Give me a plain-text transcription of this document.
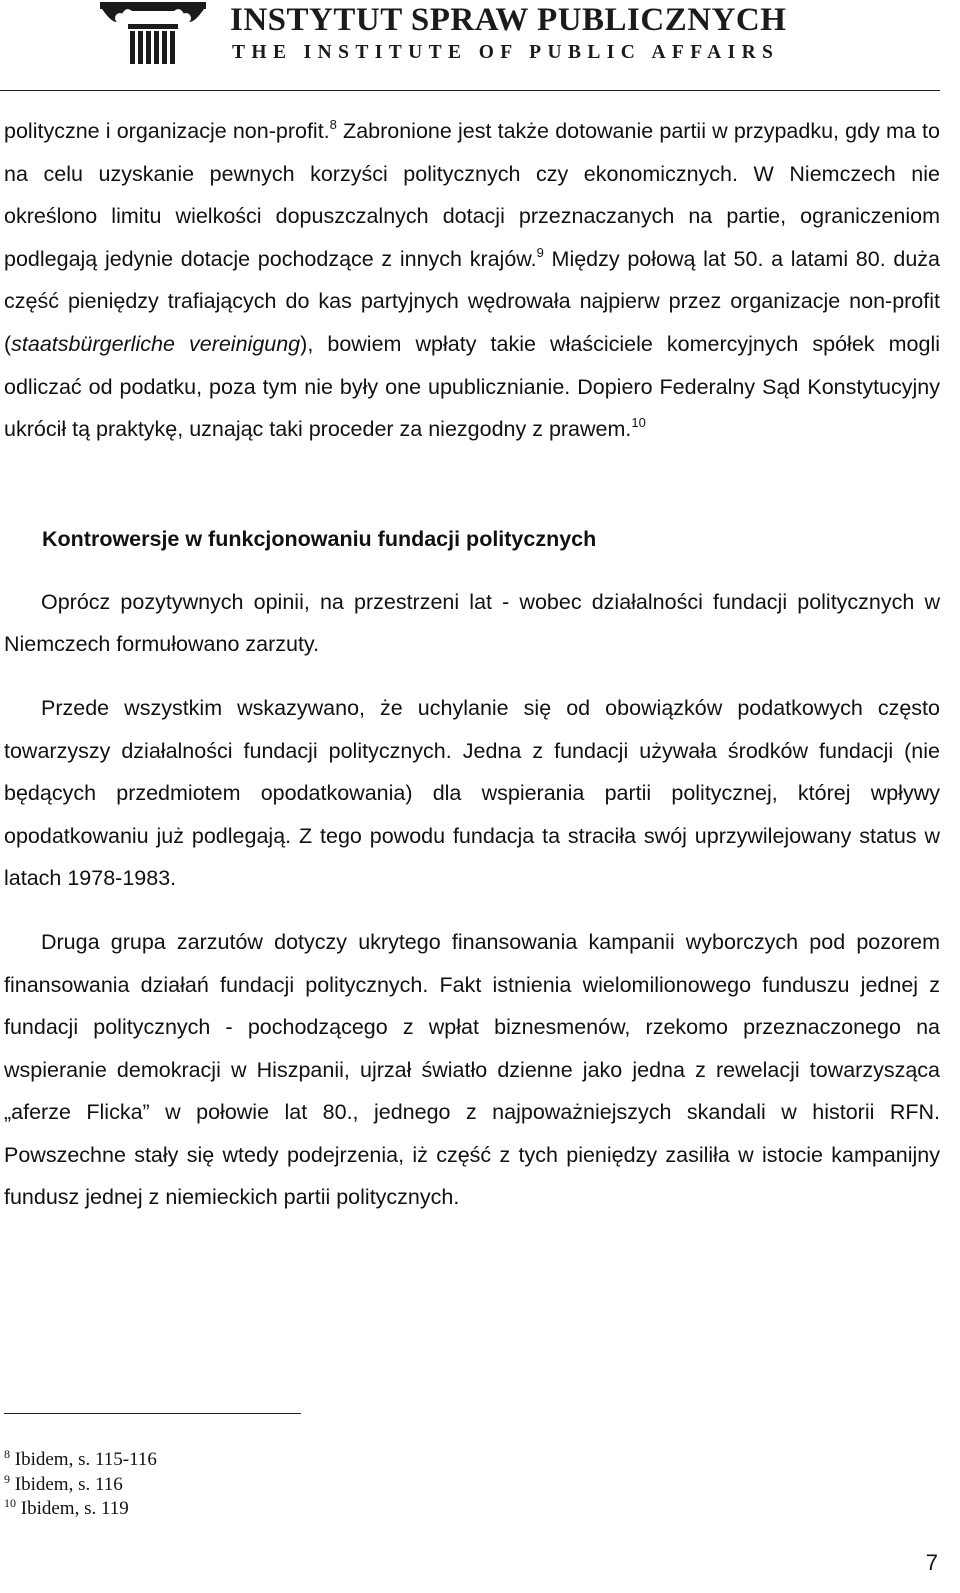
INSTYTUT SPRAW PUBLICZNYCH
THE INSTITUTE OF PUBLIC AFFAIRS

polityczne i organizacje non-profit.$^8$ Zabronione jest także dotowanie partii w przypadku, gdy ma to na celu uzyskanie pewnych korzyści politycznych czy ekonomicznych. W Niemczech nie określono limitu wielkości dopuszczalnych dotacji przeznaczanych na partie, ograniczeniom podlegają jedynie dotacje pochodzące z innych krajów.$^9$ Między połową lat 50. a latami 80. duża część pieniędzy trafiających do kas partyjnych wędrowała najpierw przez organizacje non-profit (staatsbürgerliche vereinigung), bowiem wpłaty takie właściciele komercyjnych spółek mogli odliczać od podatku, poza tym nie były one upublicznianie. Dopiero Federalny Sąd Konstytucyjny ukrócił tą praktykę, uznając taki proceder za niezgodny z prawem.$^{10}$

Kontrowersje w funkcjonowaniu fundacji politycznych

Oprócz pozytywnych opinii, na przestrzeni lat - wobec działalności fundacji politycznych w Niemczech formułowano zarzuty.

Przede wszystkim wskazywano, że uchylanie się od obowiązków podatkowych często towarzyszy działalności fundacji politycznych. Jedna z fundacji używała środków fundacji (nie będących przedmiotem opodatkowania) dla wspierania partii politycznej, której wpływy opodatkowaniu już podlegają. Z tego powodu fundacja ta straciła swój uprzywilejowany status w latach 1978-1983.

Druga grupa zarzutów dotyczy ukrytego finansowania kampanii wyborczych pod pozorem finansowania działań fundacji politycznych. Fakt istnienia wielomilionowego funduszu jednej z fundacji politycznych - pochodzącego z wpłat biznesmenów, rzekomo przeznaczonego na wspieranie demokracji w Hiszpanii, ujrzał światło dzienne jako jedna z rewelacji towarzysząca „aferze Flicka” w połowie lat 80., jednego z najpoważniejszych skandali w historii RFN. Powszechne stały się wtedy podejrzenia, iż część z tych pieniędzy zasiliła w istocie kampanijny fundusz jednej z niemieckich partii politycznych.

$^8$ Ibidem, s. 115-116
$^9$ Ibidem, s. 116
$^{10}$ Ibidem, s. 119
7
